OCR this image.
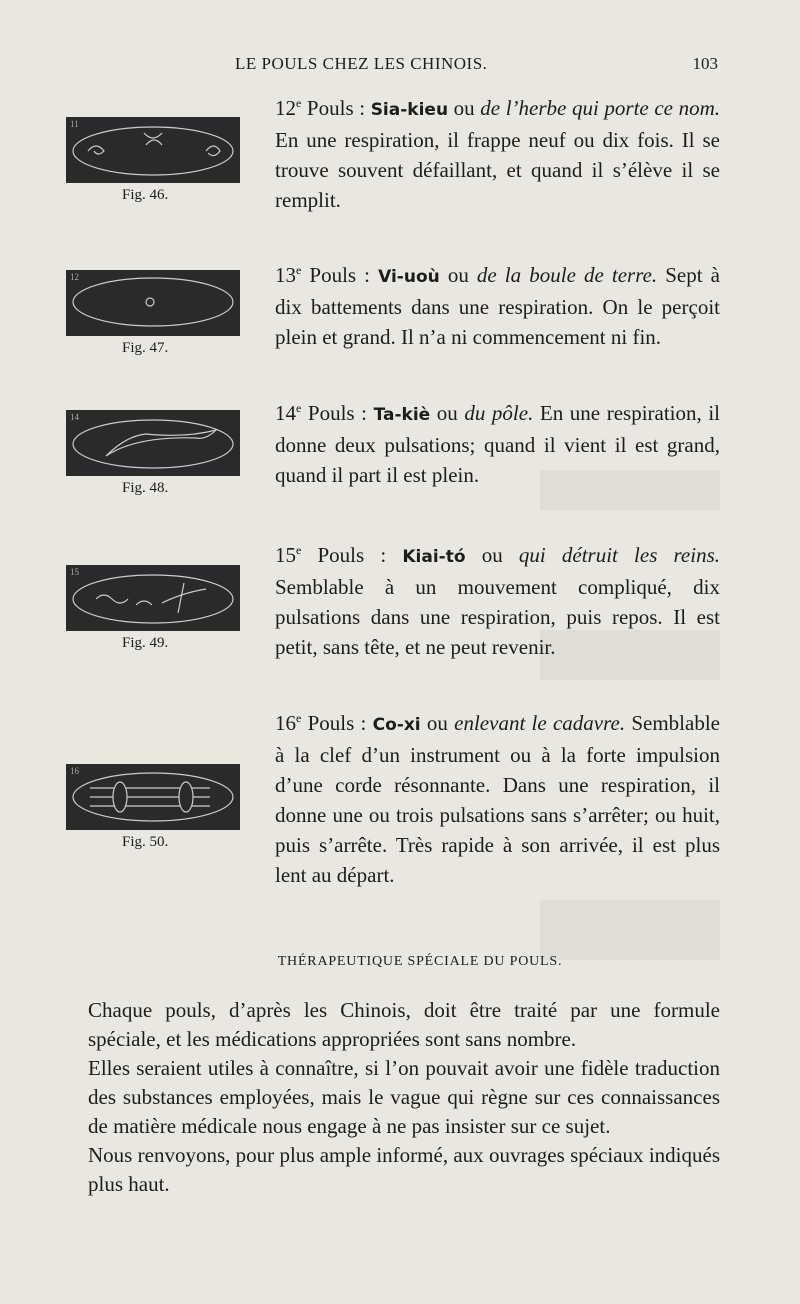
LE POULS CHEZ LES CHINOIS.	103
11
Fig. 46.
12
Fig. 47.
14
Fig. 48.
15
Fig. 49.
16
Fig. 50.

12e Pouls : Sia-kieu ou de l’herbe qui porte ce nom. En une respiration, il frappe neuf ou dix fois. Il se trouve souvent défaillant, et quand il s’élève il se remplit.

13e Pouls : Vi-uoù ou de la boule de terre. Sept à dix battements dans une respiration. On le perçoit plein et grand. Il n’a ni commencement ni fin.

14e Pouls : Ta-kiè ou du pôle. En une respiration, il donne deux pulsations; quand il vient il est grand, quand il part il est plein.

15e Pouls : Kiai-tó ou qui détruit les reins. Semblable à un mouvement compliqué, dix pulsations dans une respiration, puis repos. Il est petit, sans tête, et ne peut revenir.

16e Pouls : Co-xi ou enlevant le cadavre. Semblable à la clef d’un instrument ou à la forte impulsion d’une corde résonnante. Dans une respiration, il donne une ou trois pulsations sans s’arrêter; ou huit, puis s’arrête. Très rapide à son arrivée, il est plus lent au départ.

THÉRAPEUTIQUE SPÉCIALE DU POULS.

Chaque pouls, d’après les Chinois, doit être traité par une formule spéciale, et les médications appropriées sont sans nombre.

Elles seraient utiles à connaître, si l’on pouvait avoir une fidèle traduction des substances employées, mais le vague qui règne sur ces connaissances de matière médicale nous engage à ne pas insister sur ce sujet.

Nous renvoyons, pour plus ample informé, aux ouvrages spéciaux indiqués plus haut.
